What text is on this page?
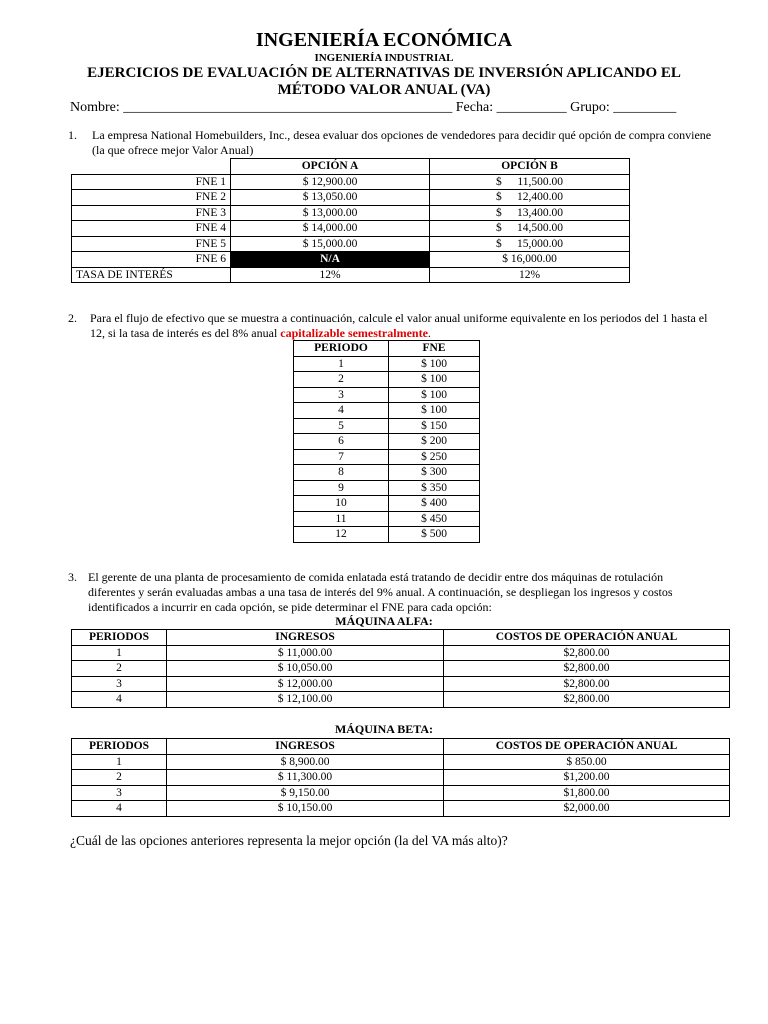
INGENIERÍA ECONÓMICA
INGENIERÍA INDUSTRIAL
EJERCICIOS DE EVALUACIÓN DE ALTERNATIVAS DE INVERSIÓN APLICANDO EL
MÉTODO VALOR ANUAL (VA)
Nombre: _______________________________________________ Fecha: __________ Grupo: _________
1. La empresa National Homebuilders, Inc., desea evaluar dos opciones de vendedores para decidir qué opción de compra conviene (la que ofrece mejor Valor Anual)
	OPCIÓN A	OPCIÓN B
FNE 1	$ 12,900.00	$ 11,500.00

FNE 2	$ 13,050.00	$ 12,400.00

FNE 3	$ 13,000.00	$ 13,400.00

FNE 4	$ 14,000.00	$ 14,500.00

FNE 5	$ 15,000.00	$ 15,000.00

FNE 6	N/A	$ 16,000.00
TASA DE INTERÉS	12%	12%
2. Para el flujo de efectivo que se muestra a continuación, calcule el valor anual uniforme equivalente en los periodos del 1 hasta el 12, si la tasa de interés es del 8% anual capitalizable semestralmente.
PERIODO	FNE
1	$ 100
2	$ 100
3	$ 100
4	$ 100
5	$ 150
6	$ 200
7	$ 250
8	$ 300
9	$ 350
10	$ 400
11	$ 450
12	$ 500
3. El gerente de una planta de procesamiento de comida enlatada está tratando de decidir entre dos máquinas de rotulación diferentes y serán evaluadas ambas a una tasa de interés del 9% anual. A continuación, se despliegan los ingresos y costos identificados a incurrir en cada opción, se pide determinar el FNE para cada opción:
MÁQUINA ALFA:
PERIODOS	INGRESOS	COSTOS DE OPERACIÓN ANUAL
1	$ 11,000.00	$2,800.00
2	$ 10,050.00	$2,800.00
3	$ 12,000.00	$2,800.00
4	$ 12,100.00	$2,800.00
MÁQUINA BETA:
PERIODOS	INGRESOS	COSTOS DE OPERACIÓN ANUAL
1	$ 8,900.00	$ 850.00
2	$ 11,300.00	$1,200.00
3	$ 9,150.00	$1,800.00
4	$ 10,150.00	$2,000.00
¿Cuál de las opciones anteriores representa la mejor opción (la del VA más alto)?
